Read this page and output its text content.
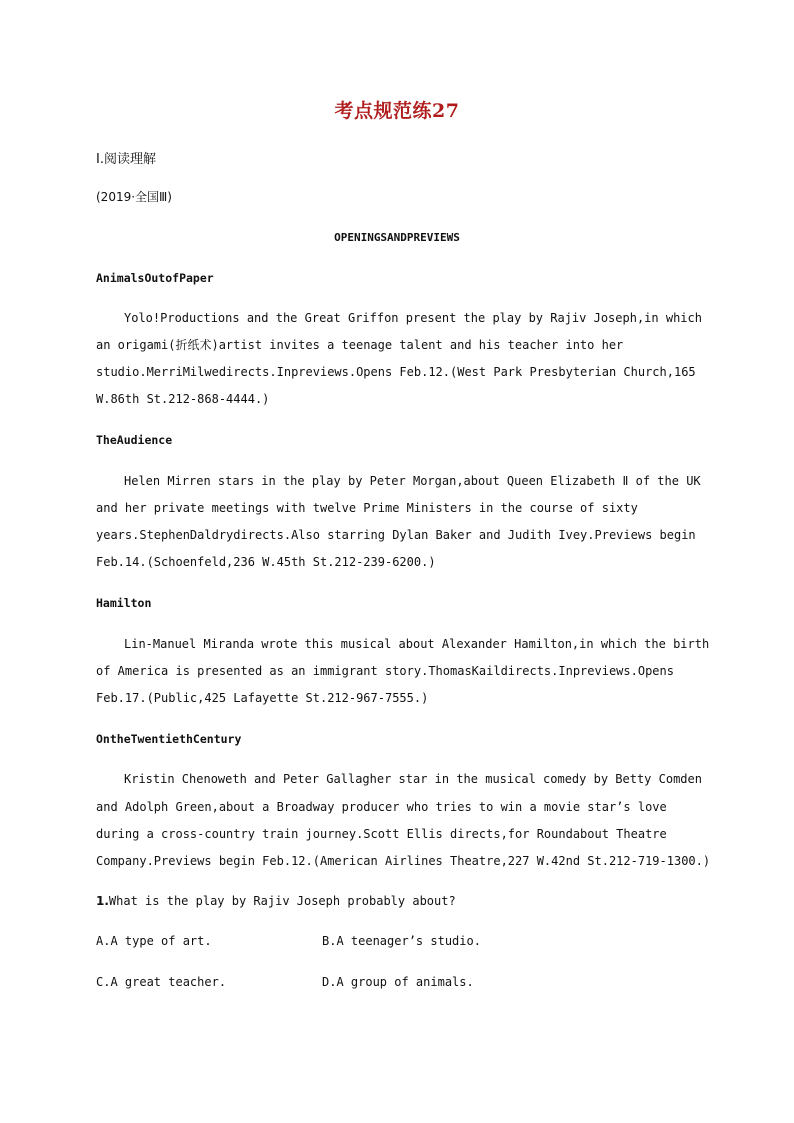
考点规范练27
Ⅰ.阅读理解
(2019·全国Ⅲ)
OPENINGSANDPREVIEWS
AnimalsOutofPaper
Yolo!Productions and the Great Griffon present the play by Rajiv Joseph,in which
an origami(折纸术)artist invites a teenage talent and his teacher into her
studio.MerriMilwedirects.Inpreviews.Opens Feb.12.(West Park Presbyterian Church,165
W.86th St.212-868-4444.)
TheAudience
Helen Mirren stars in the play by Peter Morgan,about Queen Elizabeth Ⅱ of the UK
and her private meetings with twelve Prime Ministers in the course of sixty
years.StephenDaldrydirects.Also starring Dylan Baker and Judith Ivey.Previews begin
Feb.14.(Schoenfeld,236 W.45th St.212-239-6200.)
Hamilton
Lin-Manuel Miranda wrote this musical about Alexander Hamilton,in which the birth
of America is presented as an immigrant story.ThomasKaildirects.Inpreviews.Opens
Feb.17.(Public,425 Lafayette St.212-967-7555.)
OntheTwentiethCentury
Kristin Chenoweth and Peter Gallagher star in the musical comedy by Betty Comden
and Adolph Green,about a Broadway producer who tries to win a movie star’s love
during a cross-country train journey.Scott Ellis directs,for Roundabout Theatre
Company.Previews begin Feb.12.(American Airlines Theatre,227 W.42nd St.212-719-1300.)
1.What is the play by Rajiv Joseph probably about?
A.A type of art.	B.A teenager’s studio.
C.A great teacher.	D.A group of animals.
